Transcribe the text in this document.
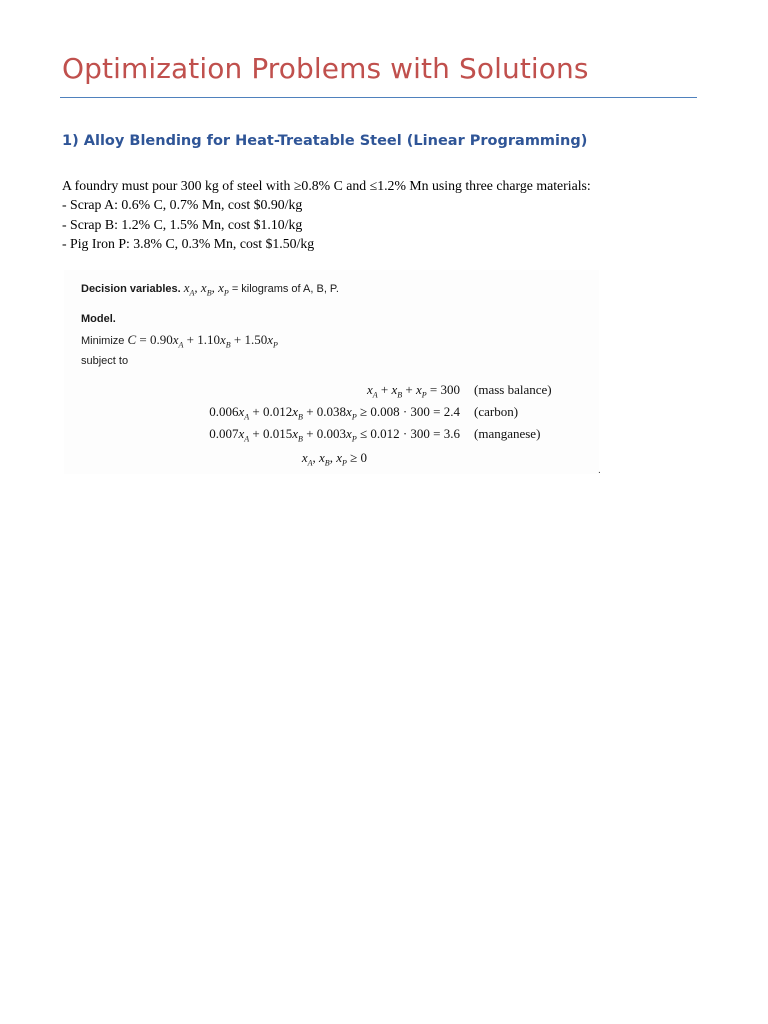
Optimization Problems with Solutions
1) Alloy Blending for Heat-Treatable Steel (Linear Programming)
A foundry must pour 300 kg of steel with ≥0.8% C and ≤1.2% Mn using three charge materials:
- Scrap A: 0.6% C, 0.7% Mn, cost $0.90/kg
- Scrap B: 1.2% C, 1.5% Mn, cost $1.10/kg
- Pig Iron P: 3.8% C, 0.3% Mn, cost $1.50/kg
Decision variables. $x_A$, $x_B$, $x_P$ = kilograms of A, B, P.
Model.
Minimize $C = 0.90x_A + 1.10x_B + 1.50x_P$
subject to
$x_A + x_B + x_P = 300$ (mass balance)
$0.006x_A + 0.012x_B + 0.038x_P \ge 0.008 \cdot 300 = 2.4$ (carbon)
$0.007x_A + 0.015x_B + 0.003x_P \le 0.012 \cdot 300 = 3.6$ (manganese)
$x_A$, $x_B$, $x_P \ge 0$
.
